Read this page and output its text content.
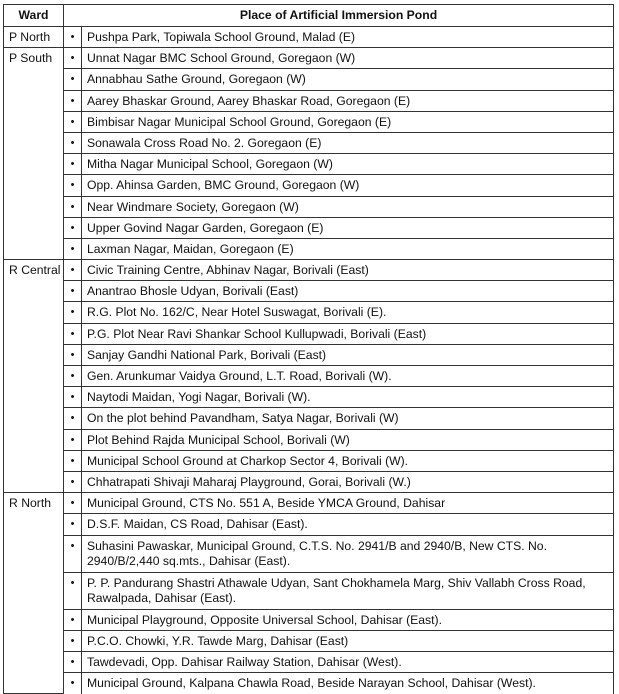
Ward	Place of Artificial Immersion Pond	
P North	•	Pushpa Park, Topiwala School Ground, Malad (E)
P South	•	Unnat Nagar BMC School Ground, Goregaon (W)
	•	Annabhau Sathe Ground, Goregaon (W)
	•	Aarey Bhaskar Ground, Aarey Bhaskar Road, Goregaon (E)
	•	Bimbisar Nagar Municipal School Ground, Goregaon (E)
	•	Sonawala Cross Road No. 2. Goregaon (E)
	•	Mitha Nagar Municipal School, Goregaon (W)
	•	Opp. Ahinsa Garden, BMC Ground, Goregaon (W)
	•	Near Windmare Society, Goregaon (W)
	•	Upper Govind Nagar Garden, Goregaon (E)
	•	Laxman Nagar, Maidan, Goregaon (E)
R Central	•	Civic Training Centre, Abhinav Nagar, Borivali (East)
	•	Anantrao Bhosle Udyan, Borivali (East)
	•	R.G. Plot No. 162/C, Near Hotel Suswagat, Borivali (E).
	•	P.G. Plot Near Ravi Shankar School Kullupwadi, Borivali (East)
	•	Sanjay Gandhi National Park, Borivali (East)
	•	Gen. Arunkumar Vaidya Ground, L.T. Road, Borivali (W).
	•	Naytodi Maidan, Yogi Nagar, Borivali (W).
	•	On the plot behind Pavandham, Satya Nagar, Borivali (W)
	•	Plot Behind Rajda Municipal School, Borivali (W)
	•	Municipal School Ground at Charkop Sector 4, Borivali (W).
	•	Chhatrapati Shivaji Maharaj Playground, Gorai, Borivali (W.)
R North	•	Municipal Ground, CTS No. 551 A, Beside YMCA Ground, Dahisar
	•	D.S.F. Maidan, CS Road, Dahisar (East).
	•	Suhasini Pawaskar, Municipal Ground, C.T.S. No. 2941/B and 2940/B, New CTS. No. 2940/B/2,440 sq.mts., Dahisar (East).
	•	P. P. Pandurang Shastri Athawale Udyan, Sant Chokhamela Marg, Shiv Vallabh Cross Road, Rawalpada, Dahisar (East).
	•	Municipal Playground, Opposite Universal School, Dahisar (East).
	•	P.C.O. Chowki, Y.R. Tawde Marg, Dahisar (East)
	•	Tawdevadi, Opp. Dahisar Railway Station, Dahisar (West).
	•	Municipal Ground, Kalpana Chawla Road, Beside Narayan School, Dahisar (West).
